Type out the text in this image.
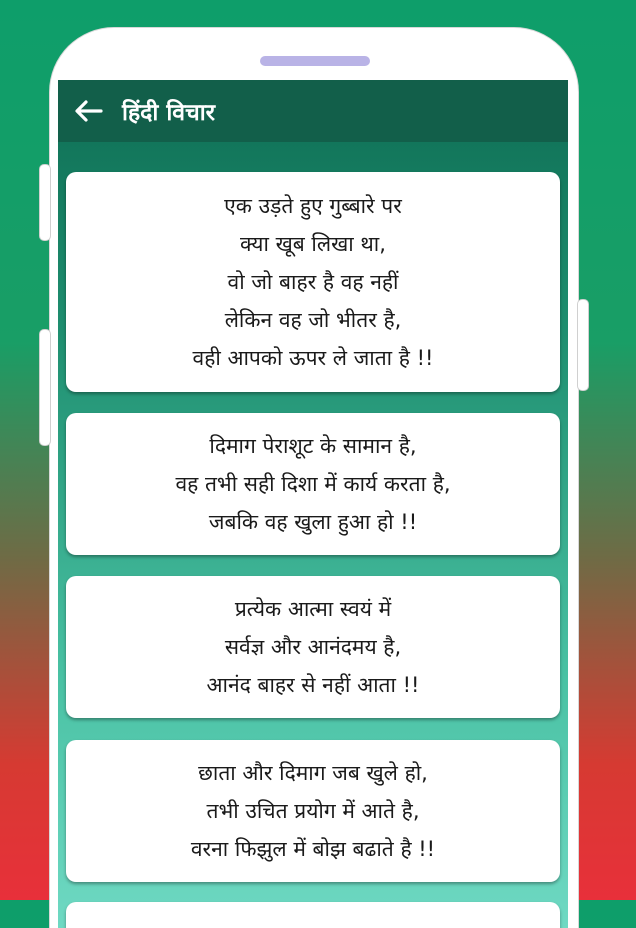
हिंदी विचार
एक उड़ते हुए गुब्बारे पर
क्या खूब लिखा था,
वो जो बाहर है वह नहीं
लेकिन वह जो भीतर है,
वही आपको ऊपर ले जाता है !!
दिमाग पेराशूट के सामान है,
वह तभी सही दिशा में कार्य करता है,
जबकि वह खुला हुआ हो !!
प्रत्येक आत्मा स्वयं में
सर्वज्ञ और आनंदमय है,
आनंद बाहर से नहीं आता !!
छाता और दिमाग जब खुले हो,
तभी उचित प्रयोग में आते है,
वरना फिझुल में बोझ बढाते है !!
